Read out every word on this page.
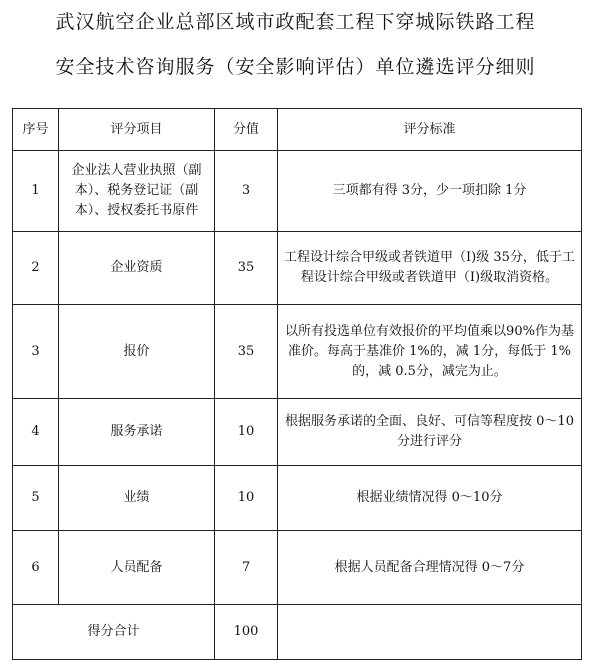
武汉航空企业总部区域市政配套工程下穿城际铁路工程
安全技术咨询服务（安全影响评估）单位遴选评分细则
序号	评分项目	分值	评分标准
1	企业法人营业执照（副本）、税务登记证（副本）、授权委托书原件	3	三项都有得 3分，少一项扣除 1分
2	企业资质	35	工程设计综合甲级或者铁道甲（I)级 35分，低于工程设计综合甲级或者铁道甲（I)级取消资格。
3	报价	35	以所有投选单位有效报价的平均值乘以90%作为基准价。每高于基准价 1%的，减 1分，每低于 1%的，减 0.5分，减完为止。
4	服务承诺	10	根据服务承诺的全面、良好、可信等程度按 0～10分进行评分
5	业绩	10	根据业绩情况得 0～10分
6	人员配备	7	根据人员配备合理情况得 0～7分
得分合计		100	
